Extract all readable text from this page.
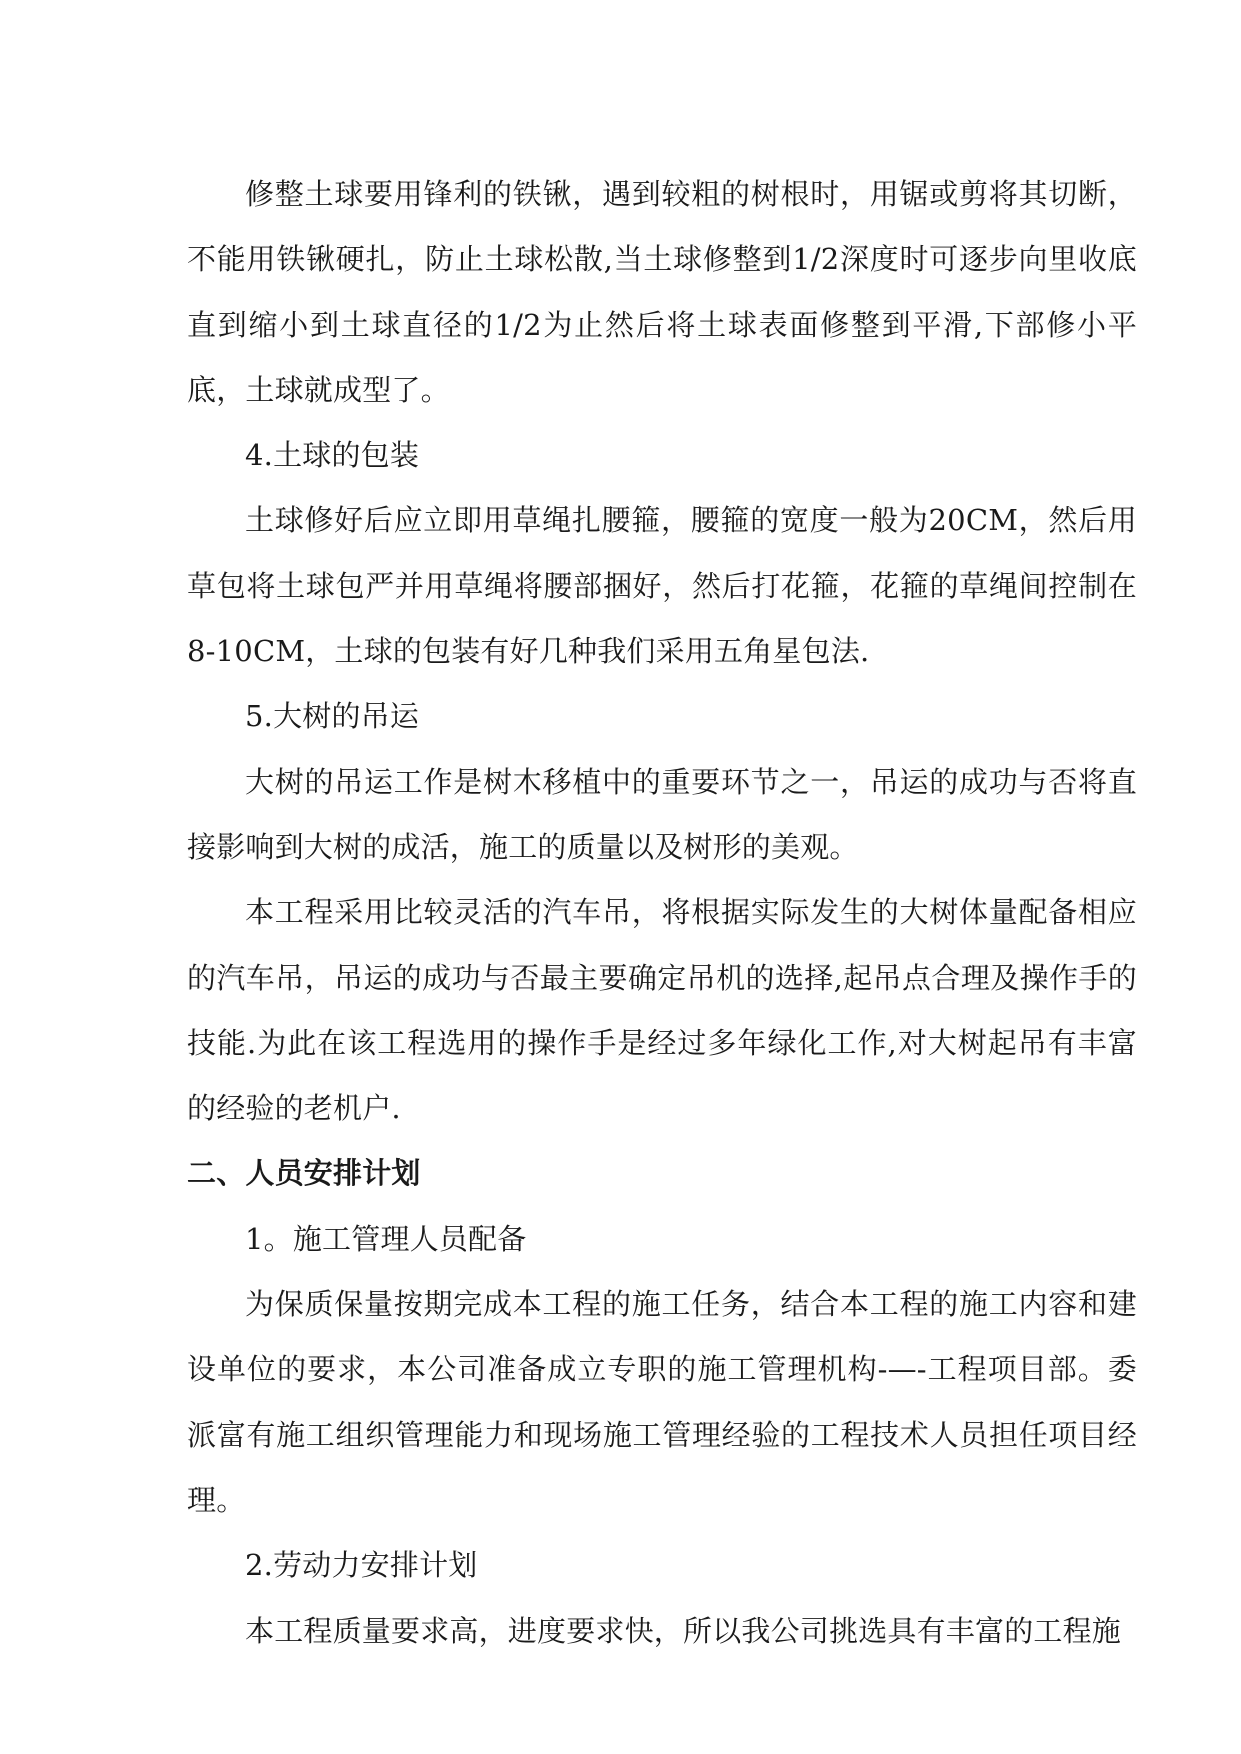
修整土球要用锋利的铁锹，遇到较粗的树根时，用锯或剪将其切断，不能用铁锹硬扎，防止土球松散,当土球修整到1/2深度时可逐步向里收底直到缩小到土球直径的1/2为止然后将土球表面修整到平滑,下部修小平底，土球就成型了。

4.土球的包装

土球修好后应立即用草绳扎腰箍，腰箍的宽度一般为20CM，然后用草包将土球包严并用草绳将腰部捆好，然后打花箍，花箍的草绳间控制在8-10CM，土球的包装有好几种我们采用五角星包法.

5.大树的吊运

大树的吊运工作是树木移植中的重要环节之一，吊运的成功与否将直接影响到大树的成活，施工的质量以及树形的美观。

本工程采用比较灵活的汽车吊，将根据实际发生的大树体量配备相应的汽车吊，吊运的成功与否最主要确定吊机的选择,起吊点合理及操作手的技能.为此在该工程选用的操作手是经过多年绿化工作,对大树起吊有丰富的经验的老机户.

二、人员安排计划

1。施工管理人员配备

为保质保量按期完成本工程的施工任务，结合本工程的施工内容和建设单位的要求，本公司准备成立专职的施工管理机构-—-工程项目部。委派富有施工组织管理能力和现场施工管理经验的工程技术人员担任项目经理。

2.劳动力安排计划

本工程质量要求高，进度要求快，所以我公司挑选具有丰富的工程施
